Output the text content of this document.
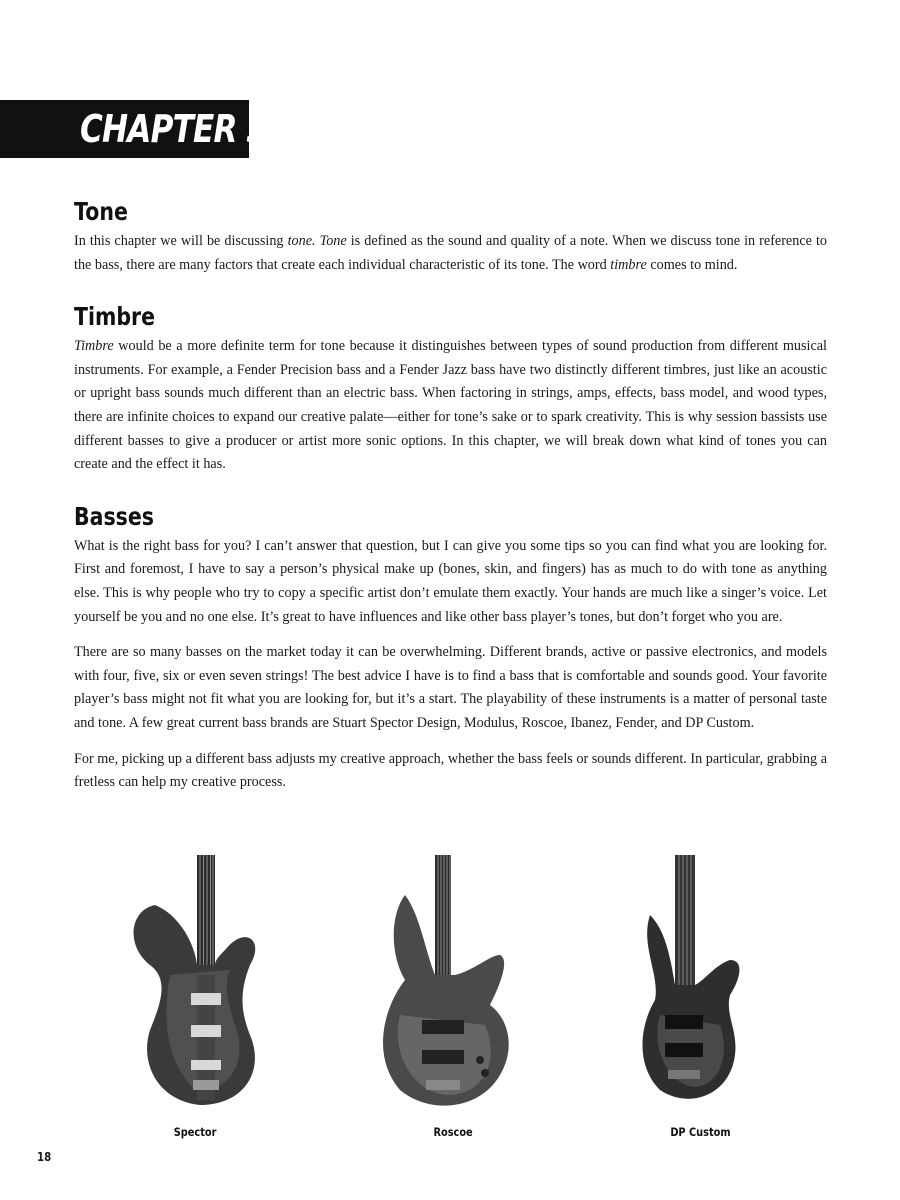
CHAPTER 3
Tone

In this chapter we will be discussing tone. Tone is defined as the sound and quality of a note. When we discuss tone in reference to the bass, there are many factors that create each individual characteristic of its tone. The word timbre comes to mind.

Timbre

Timbre would be a more definite term for tone because it distinguishes between types of sound production from different musical instruments. For example, a Fender Precision bass and a Fender Jazz bass have two distinctly different timbres, just like an acoustic or upright bass sounds much different than an electric bass. When factoring in strings, amps, effects, bass model, and wood types, there are infinite choices to expand our creative palate—either for tone’s sake or to spark creativity. This is why session bassists use different basses to give a producer or artist more sonic options. In this chapter, we will break down what kind of tones you can create and the effect it has.

Basses

What is the right bass for you? I can’t answer that question, but I can give you some tips so you can find what you are looking for. First and foremost, I have to say a person’s physical make up (bones, skin, and fingers) has as much to do with tone as anything else. This is why people who try to copy a specific artist don’t emulate them exactly. Your hands are much like a singer’s voice. Let yourself be you and no one else. It’s great to have influences and like other bass player’s tones, but don’t forget who you are.

There are so many basses on the market today it can be overwhelming. Different brands, active or passive electronics, and models with four, five, six or even seven strings! The best advice I have is to find a bass that is comfortable and sounds good. Your favorite player’s bass might not fit what you are looking for, but it’s a start. The playability of these instruments is a matter of personal taste and tone. A few great current bass brands are Stuart Spector Design, Modulus, Roscoe, Ibanez, Fender, and DP Custom.

For me, picking up a different bass adjusts my creative approach, whether the bass feels or sounds different. In particular, grabbing a fretless can help my creative process.

Spector	Roscoe	DP Custom
18
